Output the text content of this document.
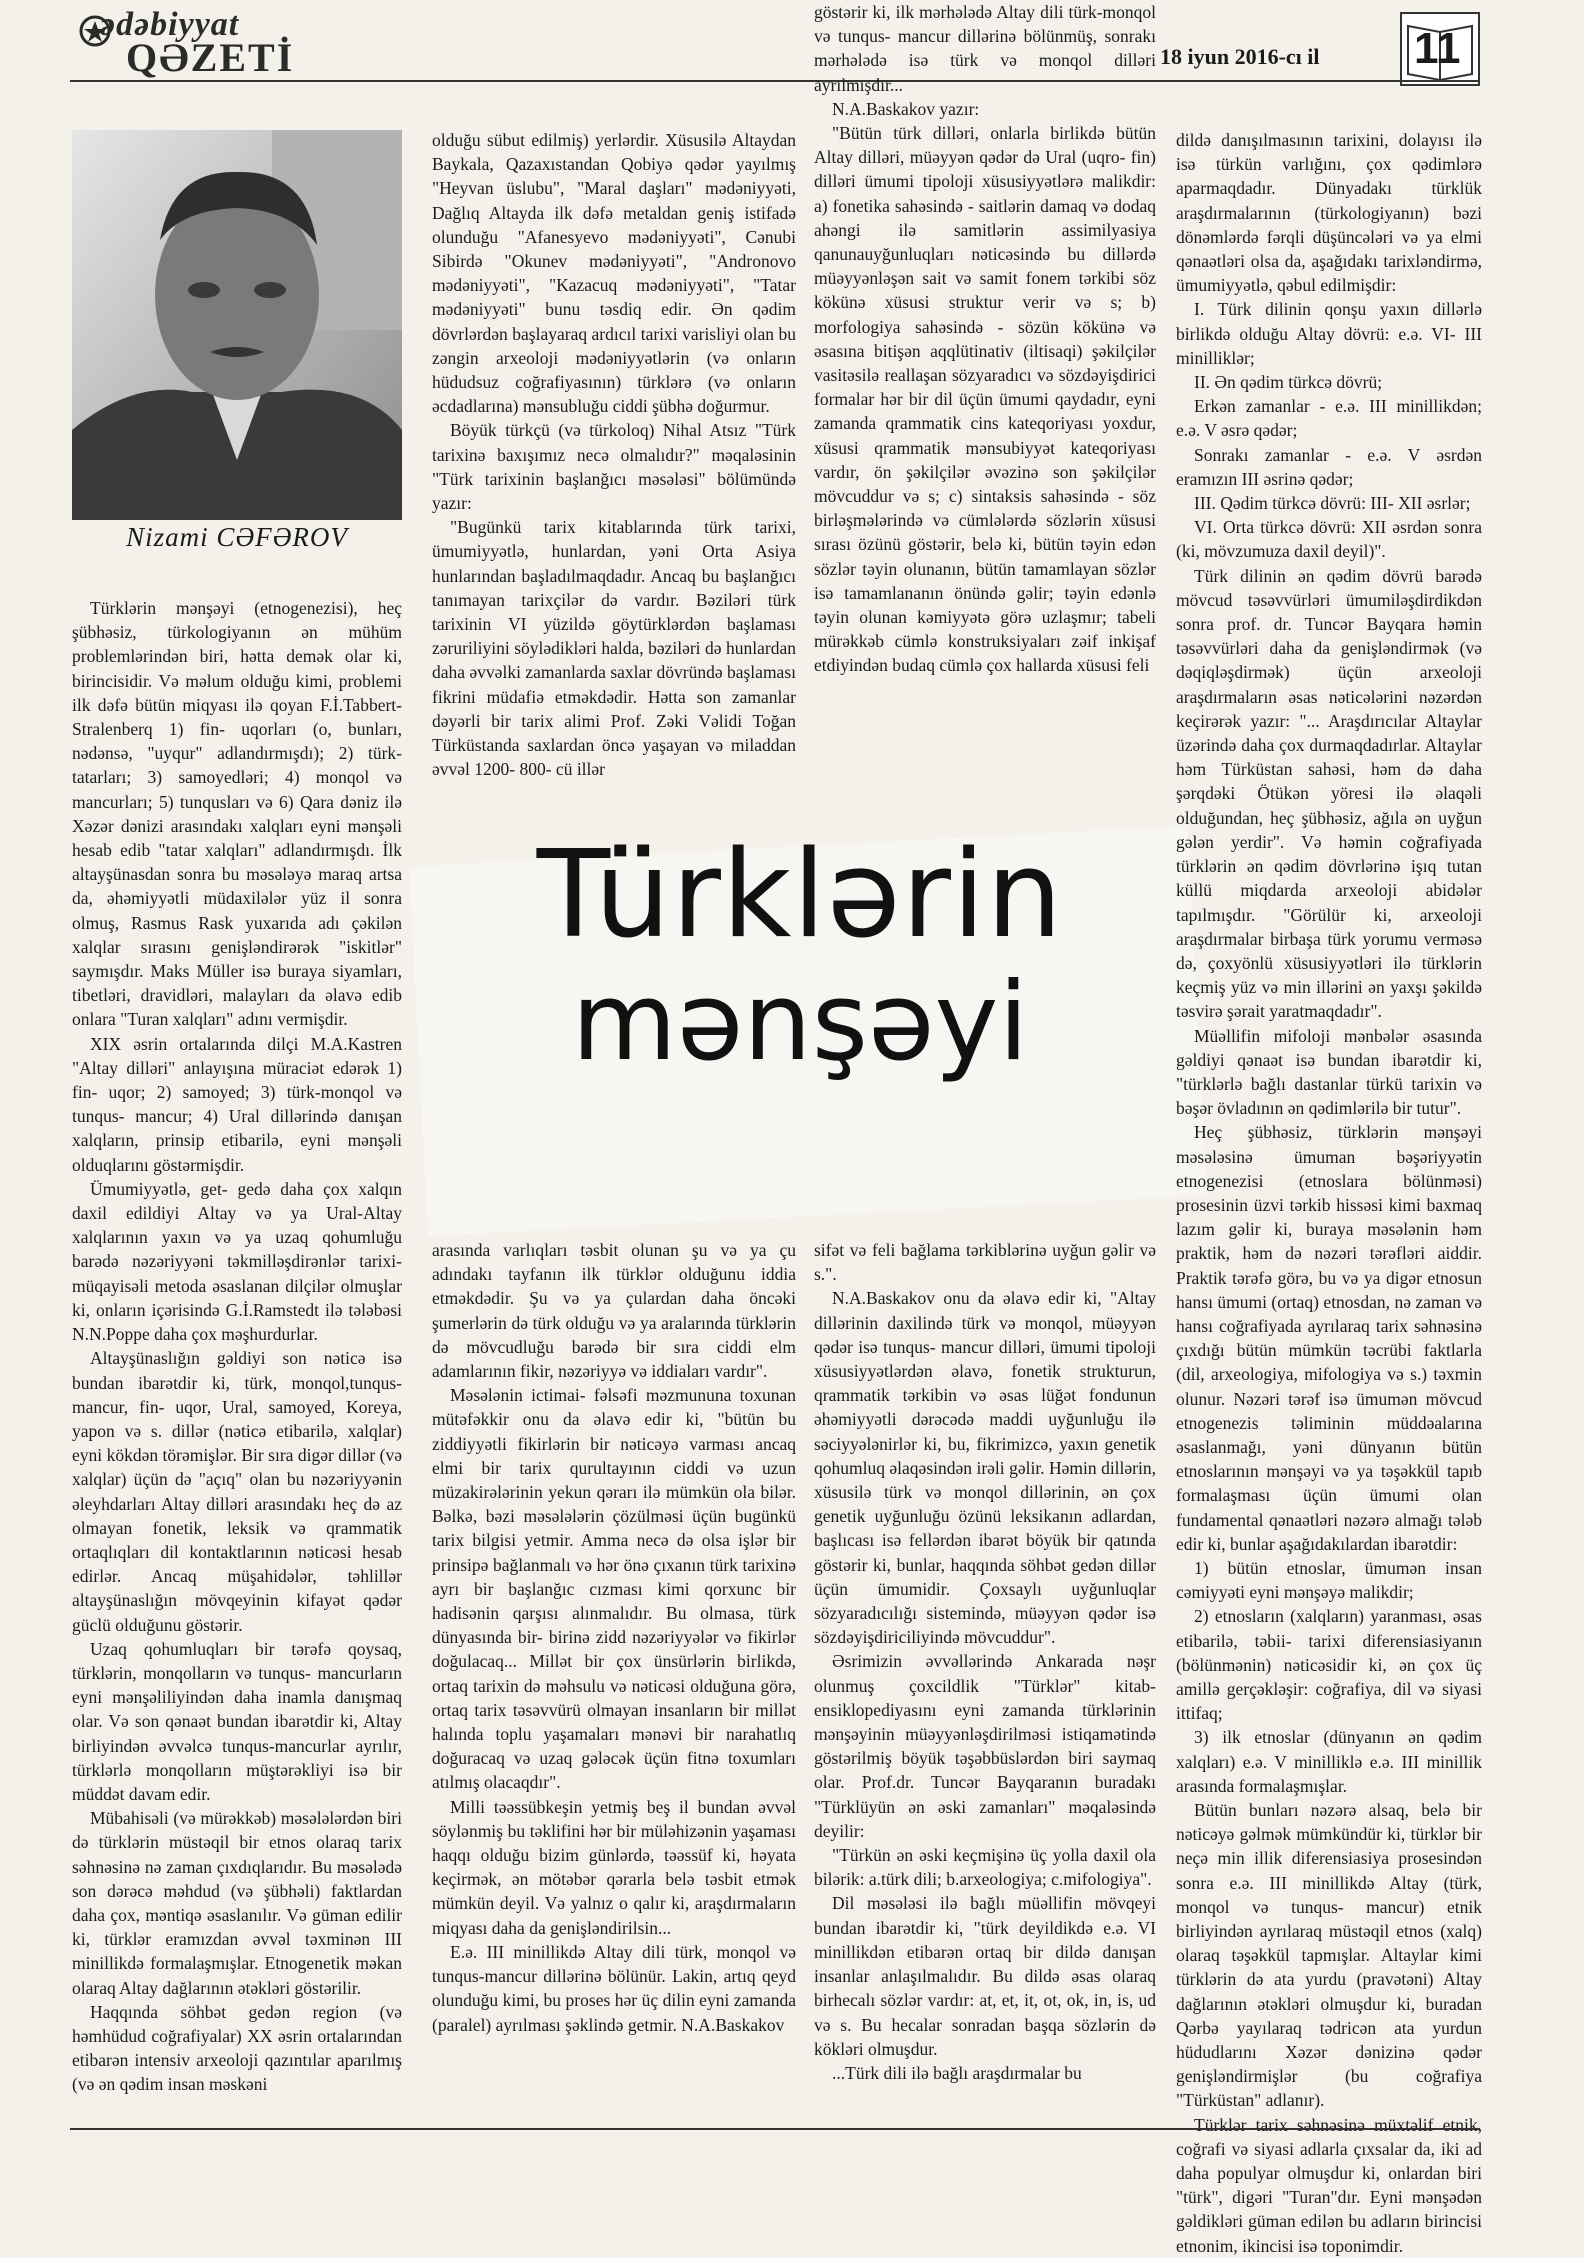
ədəbiyyat
QƏZETİ	18 iyun 2016-cı il 11
Nizami CƏFƏROV

Türklərin mənşəyi (etnogenezisi), heç şübhəsiz, türkologiyanın ən mühüm problemlərindən biri, hətta demək olar ki, birincisidir. Və məlum olduğu kimi, problemi ilk dəfə bütün miqyası ilə qoyan F.İ.Tabbert- Stralenberq 1) fin- uqorları (o, bunları, nədənsə, "uyqur" adlandırmışdı); 2) türk- tatarları; 3) samoyedləri; 4) monqol və mancurları; 5) tunqusları və 6) Qara dəniz ilə Xəzər dənizi arasındakı xalqları eyni mənşəli hesab edib "tatar xalqları" adlandırmışdı. İlk altayşünasdan sonra bu məsələyə maraq artsa da, əhəmiyyətli müdaxilələr yüz il sonra olmuş, Rasmus Rask yuxarıda adı çəkilən xalqlar sırasını genişləndirərək "iskitlər" saymışdır. Maks Müller isə buraya siyamları, tibetləri, dravidləri, malayları da əlavə edib onlara "Turan xalqları" adını vermişdir.

XIX əsrin ortalarında dilçi M.A.Kastren "Altay dilləri" anlayışına müraciət edərək 1) fin- uqor; 2) samoyed; 3) türk-monqol və tunqus- mancur; 4) Ural dillərində danışan xalqların, prinsip etibarilə, eyni mənşəli olduqlarını göstərmişdir.

Ümumiyyətlə, get- gedə daha çox xalqın daxil edildiyi Altay və ya Ural-Altay xalqlarının yaxın və ya uzaq qohumluğu barədə nəzəriyyəni təkmilləşdirənlər tarixi-müqayisəli metoda əsaslanan dilçilər olmuşlar ki, onların içərisində G.İ.Ramstedt ilə tələbəsi N.N.Poppe daha çox məşhurdurlar.

Altayşünaslığın gəldiyi son nəticə isə bundan ibarətdir ki, türk, monqol,tunqus-mancur, fin- uqor, Ural, samoyed, Koreya, yapon və s. dillər (nəticə etibarilə, xalqlar) eyni kökdən törəmişlər. Bir sıra digər dillər (və xalqlar) üçün də "açıq" olan bu nəzəriyyənin əleyhdarları Altay dilləri arasındakı heç də az olmayan fonetik, leksik və qrammatik ortaqlıqları dil kontaktlarının nəticəsi hesab edirlər. Ancaq müşahidələr, təhlillər altayşünaslığın mövqeyinin kifayət qədər güclü olduğunu göstərir.

Uzaq qohumluqları bir tərəfə qoysaq, türklərin, monqolların və tunqus- mancurların eyni mənşəliliyindən daha inamla danışmaq olar. Və son qənaət bundan ibarətdir ki, Altay birliyindən əvvəlcə tunqus-mancurlar ayrılır, türklərlə monqolların müştərəkliyi isə bir müddət davam edir.

Mübahisəli (və mürəkkəb) məsələlərdən biri də türklərin müstəqil bir etnos olaraq tarix səhnəsinə nə zaman çıxdıqlarıdır. Bu məsələdə son dərəcə məhdud (və şübhəli) faktlardan daha çox, məntiqə əsaslanılır. Və güman edilir ki, türklər eramızdan əvvəl təxminən III minillikdə formalaşmışlar. Etnogenetik məkan olaraq Altay dağlarının ətəkləri göstərilir.

Haqqında söhbət gedən region (və həmhüdud coğrafiyalar) XX əsrin ortalarından etibarən intensiv arxeoloji qazıntılar aparılmış (və ən qədim insan məskəni

olduğu sübut edilmiş) yerlərdir. Xüsusilə Altaydan Baykala, Qazaxıstandan Qobiyə qədər yayılmış "Heyvan üslubu", "Maral daşları" mədəniyyəti, Dağlıq Altayda ilk dəfə metaldan geniş istifadə olunduğu "Afanesyevo mədəniyyəti", Cənubi Sibirdə "Okunev mədəniyyəti", "Andronovo mədəniyyəti", "Kazacuq mədəniyyəti", "Tatar mədəniyyəti" bunu təsdiq edir. Ən qədim dövrlərdən başlayaraq ardıcıl tarixi varisliyi olan bu zəngin arxeoloji mədəniyyətlərin (və onların hüdudsuz coğrafiyasının) türklərə (və onların əcdadlarına) mənsubluğu ciddi şübhə doğurmur.

Böyük türkçü (və türkoloq) Nihal Atsız "Türk tarixinə baxışımız necə olmalıdır?" məqaləsinin "Türk tarixinin başlanğıcı məsələsi" bölümündə yazır:

"Bugünkü tarix kitablarında türk tarixi, ümumiyyətlə, hunlardan, yəni Orta Asiya hunlarından başladılmaqdadır. Ancaq bu başlanğıcı tanımayan tarixçilər də vardır. Bəziləri türk tarixinin VI yüzildə göytürklərdən başlaması zəruriliyini söylədikləri halda, bəziləri də hunlardan daha əvvəlki zamanlarda saxlar dövründə başlaması fikrini müdafiə etməkdədir. Hətta son zamanlar dəyərli bir tarix alimi Prof. Zəki Vəlidi Toğan Türküstanda saxlardan öncə yaşayan və miladdan əvvəl 1200- 800- cü illər

göstərir ki, ilk mərhələdə Altay dili türk-monqol və tunqus- mancur dillərinə bölünmüş, sonrakı mərhələdə isə türk və monqol dilləri ayrılmışdır...

N.A.Baskakov yazır:

"Bütün türk dilləri, onlarla birlikdə bütün Altay dilləri, müəyyən qədər də Ural (uqro- fin) dilləri ümumi tipoloji xüsusiyyətlərə malikdir: a) fonetika sahəsində - saitlərin damaq və dodaq ahəngi ilə samitlərin assimilyasiya qanunauyğunluqları nəticəsində bu dillərdə müəyyənləşən sait və samit fonem tərkibi söz kökünə xüsusi struktur verir və s; b) morfologiya sahəsində - sözün kökünə və əsasına bitişən aqqlütinativ (iltisaqi) şəkilçilər vasitəsilə reallaşan sözyaradıcı və sözdəyişdirici formalar hər bir dil üçün ümumi qaydadır, eyni zamanda qrammatik cins kateqoriyası yoxdur, xüsusi qrammatik mənsubiyyət kateqoriyası vardır, ön şəkilçilər əvəzinə son şəkilçilər mövcuddur və s; c) sintaksis sahəsində - söz birləşmələrində və cümlələrdə sözlərin xüsusi sırası özünü göstərir, belə ki, bütün təyin edən sözlər təyin olunanın, bütün tamamlayan sözlər isə tamamlananın önündə gəlir; təyin edənlə təyin olunan kəmiyyətə görə uzlaşmır; tabeli mürəkkəb cümlə konstruksiyaları zəif inkişaf etdiyindən budaq cümlə çox hallarda xüsusi feli

Türklərin
mənşəyi

arasında varlıqları təsbit olunan şu və ya çu adındakı tayfanın ilk türklər olduğunu iddia etməkdədir. Şu və ya çulardan daha öncəki şumerlərin də türk olduğu və ya aralarında türklərin də mövcudluğu barədə bir sıra ciddi elm adamlarının fikir, nəzəriyyə və iddiaları vardır".

Məsələnin ictimai- fəlsəfi məzmununa toxunan mütəfəkkir onu da əlavə edir ki, "bütün bu ziddiyyətli fikirlərin bir nəticəyə varması ancaq elmi bir tarix qurultayının ciddi və uzun müzakirələrinin yekun qərarı ilə mümkün ola bilər. Bəlkə, bəzi məsələlərin çözülməsi üçün bugünkü tarix bilgisi yetmir. Amma necə də olsa işlər bir prinsipə bağlanmalı və hər önə çıxanın türk tarixinə ayrı bir başlanğıc cızması kimi qorxunc bir hadisənin qarşısı alınmalıdır. Bu olmasa, türk dünyasında bir- birinə zidd nəzəriyyələr və fikirlər doğulacaq... Millət bir çox ünsürlərin birlikdə, ortaq tarixin də məhsulu və nəticəsi olduğuna görə, ortaq tarix təsəvvürü olmayan insanların bir millət halında toplu yaşamaları mənəvi bir narahatlıq doğuracaq və uzaq gələcək üçün fitnə toxumları atılmış olacaqdır".

Milli təəssübkeşin yetmiş beş il bundan əvvəl söylənmiş bu təklifini hər bir müləhizənin yaşaması haqqı olduğu bizim günlərdə, təəssüf ki, həyata keçirmək, ən mötəbər qərarla belə təsbit etmək mümkün deyil. Və yalnız o qalır ki, araşdırmaların miqyası daha da genişləndirilsin...

E.ə. III minillikdə Altay dili türk, monqol və tunqus-mancur dillərinə bölünür. Lakin, artıq qeyd olunduğu kimi, bu proses hər üç dilin eyni zamanda (paralel) ayrılması şəklində getmir. N.A.Baskakov

sifət və feli bağlama tərkiblərinə uyğun gəlir və s.".

N.A.Baskakov onu da əlavə edir ki, "Altay dillərinin daxilində türk və monqol, müəyyən qədər isə tunqus- mancur dilləri, ümumi tipoloji xüsusiyyətlərdən əlavə, fonetik strukturun, qrammatik tərkibin və əsas lüğət fondunun əhəmiyyətli dərəcədə maddi uyğunluğu ilə səciyyələnirlər ki, bu, fikrimizcə, yaxın genetik qohumluq əlaqəsindən irəli gəlir. Həmin dillərin, xüsusilə türk və monqol dillərinin, ən çox genetik uyğunluğu özünü leksikanın adlardan, başlıcası isə fellərdən ibarət böyük bir qatında göstərir ki, bunlar, haqqında söhbət gedən dillər üçün ümumidir. Çoxsaylı uyğunluqlar sözyaradıcılığı sistemində, müəyyən qədər isə sözdəyişdiriciliyində mövcuddur".

Əsrimizin əvvəllərində Ankarada nəşr olunmuş çoxcildlik "Türklər" kitab- ensiklopediyasını eyni zamanda türklərinin mənşəyinin müəyyənləşdirilməsi istiqamətində göstərilmiş böyük təşəbbüslərdən biri saymaq olar. Prof.dr. Tuncər Bayqaranın buradakı "Türklüyün ən əski zamanları" məqaləsində deyilir:

"Türkün ən əski keçmişinə üç yolla daxil ola bilərik: a.türk dili; b.arxeologiya; c.mifologiya".

Dil məsələsi ilə bağlı müəllifin mövqeyi bundan ibarətdir ki, "türk deyildikdə e.ə. VI minillikdən etibarən ortaq bir dildə danışan insanlar anlaşılmalıdır. Bu dildə əsas olaraq birhecalı sözlər vardır: at, et, it, ot, ok, in, is, ud və s. Bu hecalar sonradan başqa sözlərin də kökləri olmuşdur.

...Türk dili ilə bağlı araşdırmalar bu

dildə danışılmasının tarixini, dolayısı ilə isə türkün varlığını, çox qədimlərə aparmaqdadır. Dünyadakı türklük araşdırmalarının (türkologiyanın) bəzi dönəmlərdə fərqli düşüncələri və ya elmi qənaətləri olsa da, aşağıdakı tarixləndirmə, ümumiyyətlə, qəbul edilmişdir:

I. Türk dilinin qonşu yaxın dillərlə birlikdə olduğu Altay dövrü: e.ə. VI- III minilliklər;

II. Ən qədim türkcə dövrü;

Erkən zamanlar - e.ə. III minillikdən; e.ə. V əsrə qədər;

Sonrakı zamanlar - e.ə. V əsrdən eramızın III əsrinə qədər;

III. Qədim türkcə dövrü: III- XII əsrlər;

VI. Orta türkcə dövrü: XII əsrdən sonra (ki, mövzumuza daxil deyil)".

Türk dilinin ən qədim dövrü barədə mövcud təsəvvürləri ümumiləşdirdikdən sonra prof. dr. Tuncər Bayqara həmin təsəvvürləri daha da genişləndirmək (və dəqiqləşdirmək) üçün arxeoloji araşdırmaların əsas nəticələrini nəzərdən keçirərək yazır: "... Araşdırıcılar Altaylar üzərində daha çox durmaqdadırlar. Altaylar həm Türküstan sahəsi, həm də daha şərqdəki Ötükən yöresi ilə əlaqəli olduğundan, heç şübhəsiz, ağıla ən uyğun gələn yerdir". Və həmin coğrafiyada türklərin ən qədim dövrlərinə işıq tutan küllü miqdarda arxeoloji abidələr tapılmışdır. "Görülür ki, arxeoloji araşdırmalar birbaşa türk yorumu verməsə də, çoxyönlü xüsusiyyətləri ilə türklərin keçmiş yüz və min illərini ən yaxşı şəkildə təsvirə şərait yaratmaqdadır".

Müəllifin mifoloji mənbələr əsasında gəldiyi qənaət isə bundan ibarətdir ki, "türklərlə bağlı dastanlar türkü tarixin və bəşər övladının ən qədimlərilə bir tutur".

Heç şübhəsiz, türklərin mənşəyi məsələsinə ümuman bəşəriyyətin etnogenezisi (etnoslara bölünməsi) prosesinin üzvi tərkib hissəsi kimi baxmaq lazım gəlir ki, buraya məsələnin həm praktik, həm də nəzəri tərəfləri aiddir. Praktik tərəfə görə, bu və ya digər etnosun hansı ümumi (ortaq) etnosdan, nə zaman və hansı coğrafiyada ayrılaraq tarix səhnəsinə çıxdığı bütün mümkün təcrübi faktlarla (dil, arxeologiya, mifologiya və s.) təxmin olunur. Nəzəri tərəf isə ümumən mövcud etnogenezis təliminin müddəalarına əsaslanmağı, yəni dünyanın bütün etnoslarının mənşəyi və ya təşəkkül tapıb formalaşması üçün ümumi olan fundamental qənaətləri nəzərə almağı tələb edir ki, bunlar aşağıdakılardan ibarətdir:

1) bütün etnoslar, ümumən insan cəmiyyəti eyni mənşəyə malikdir;

2) etnosların (xalqların) yaranması, əsas etibarilə, təbii- tarixi diferensiasiyanın (bölünmənin) nəticəsidir ki, ən çox üç amillə gerçəkləşir: coğrafiya, dil və siyasi ittifaq;

3) ilk etnoslar (dünyanın ən qədim xalqları) e.ə. V minilliklə e.ə. III minillik arasında formalaşmışlar.

Bütün bunları nəzərə alsaq, belə bir nəticəyə gəlmək mümkündür ki, türklər bir neçə min illik diferensiasiya prosesindən sonra e.ə. III minillikdə Altay (türk, monqol və tunqus- mancur) etnik birliyindən ayrılaraq müstəqil etnos (xalq) olaraq təşəkkül tapmışlar. Altaylar kimi türklərin də ata yurdu (pravətəni) Altay dağlarının ətəkləri olmuşdur ki, buradan Qərbə yayılaraq tədricən ata yurdun hüdudlarını Xəzər dənizinə qədər genişləndirmişlər (bu coğrafiya "Türküstan" adlanır).

Türklər tarix səhnəsinə müxtəlif etnik, coğrafi və siyasi adlarla çıxsalar da, iki ad daha populyar olmuşdur ki, onlardan biri "türk", digəri "Turan"dır. Eyni mənşədən gəldikləri güman edilən bu adların birincisi etnonim, ikincisi isə toponimdir.
